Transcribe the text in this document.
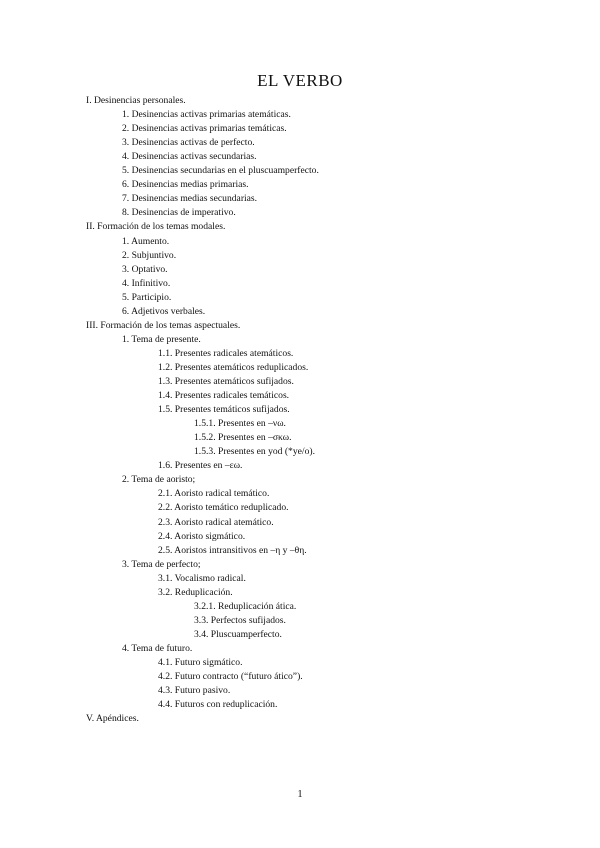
EL VERBO
I. Desinencias personales.
1. Desinencias activas primarias atemáticas.
2. Desinencias activas primarias temáticas.
3. Desinencias activas de perfecto.
4. Desinencias activas secundarias.
5. Desinencias secundarias en el pluscuamperfecto.
6. Desinencias medias primarias.
7. Desinencias medias secundarias.
8. Desinencias de imperativo.
II. Formación de los temas modales.
1. Aumento.
2. Subjuntivo.
3. Optativo.
4. Infinitivo.
5. Participio.
6. Adjetivos verbales.
III. Formación de los temas aspectuales.
1. Tema de presente.
1.1. Presentes radicales atemáticos.
1.2. Presentes atemáticos reduplicados.
1.3. Presentes atemáticos sufijados.
1.4. Presentes radicales temáticos.
1.5. Presentes temáticos sufijados.
1.5.1. Presentes en –νω.
1.5.2. Presentes en –σκω.
1.5.3. Presentes en yod (*ye/o).
1.6. Presentes en –εω.
2. Tema de aoristo;
2.1. Aoristo radical temático.
2.2. Aoristo temático reduplicado.
2.3. Aoristo radical atemático.
2.4. Aoristo sigmático.
2.5. Aoristos intransitivos en –η y –θη.
3. Tema de perfecto;
3.1. Vocalismo radical.
3.2. Reduplicación.
3.2.1. Reduplicación ática.
3.3. Perfectos sufijados.
3.4. Pluscuamperfecto.
4. Tema de futuro.
4.1. Futuro sigmático.
4.2. Futuro contracto (“futuro ático”).
4.3. Futuro pasivo.
4.4. Futuros con reduplicación.
V. Apéndices.
1
